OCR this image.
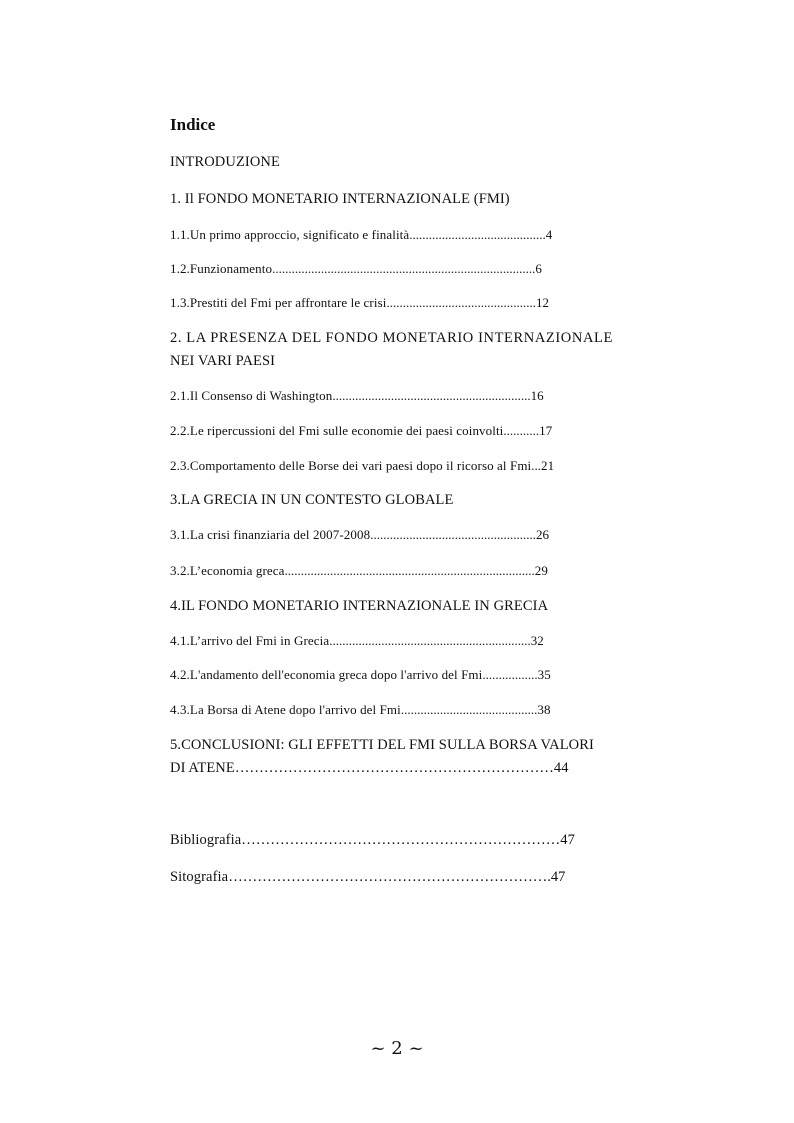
Indice
INTRODUZIONE
1. Il FONDO MONETARIO INTERNAZIONALE (FMI)
1.1.Un primo approccio, significato e finalità..........................................4
1.2.Funzionamento.................................................................................6
1.3.Prestiti del Fmi per affrontare le crisi..............................................12
2. LA PRESENZA DEL FONDO MONETARIO INTERNAZIONALE
NEI VARI PAESI
2.1.Il Consenso di Washington.............................................................16
2.2.Le ripercussioni del Fmi sulle economie dei paesi coinvolti...........17
2.3.Comportamento delle Borse dei vari paesi dopo il ricorso al Fmi...21
3.LA GRECIA IN UN CONTESTO GLOBALE
3.1.La crisi finanziaria del 2007-2008...................................................26
3.2.L’economia greca.............................................................................29
4.IL FONDO MONETARIO INTERNAZIONALE IN GRECIA
4.1.L’arrivo del Fmi in Grecia..............................................................32
4.2.L'andamento dell'economia greca dopo l'arrivo del Fmi.................35
4.3.La Borsa di Atene dopo l'arrivo del Fmi..........................................38
5.CONCLUSIONI: GLI EFFETTI DEL FMI SULLA BORSA VALORI
DI ATENE…………………………………………………………44
Bibliografia…………………………………………………………47
Sitografia………………………………………………………….47
~ 2 ~
